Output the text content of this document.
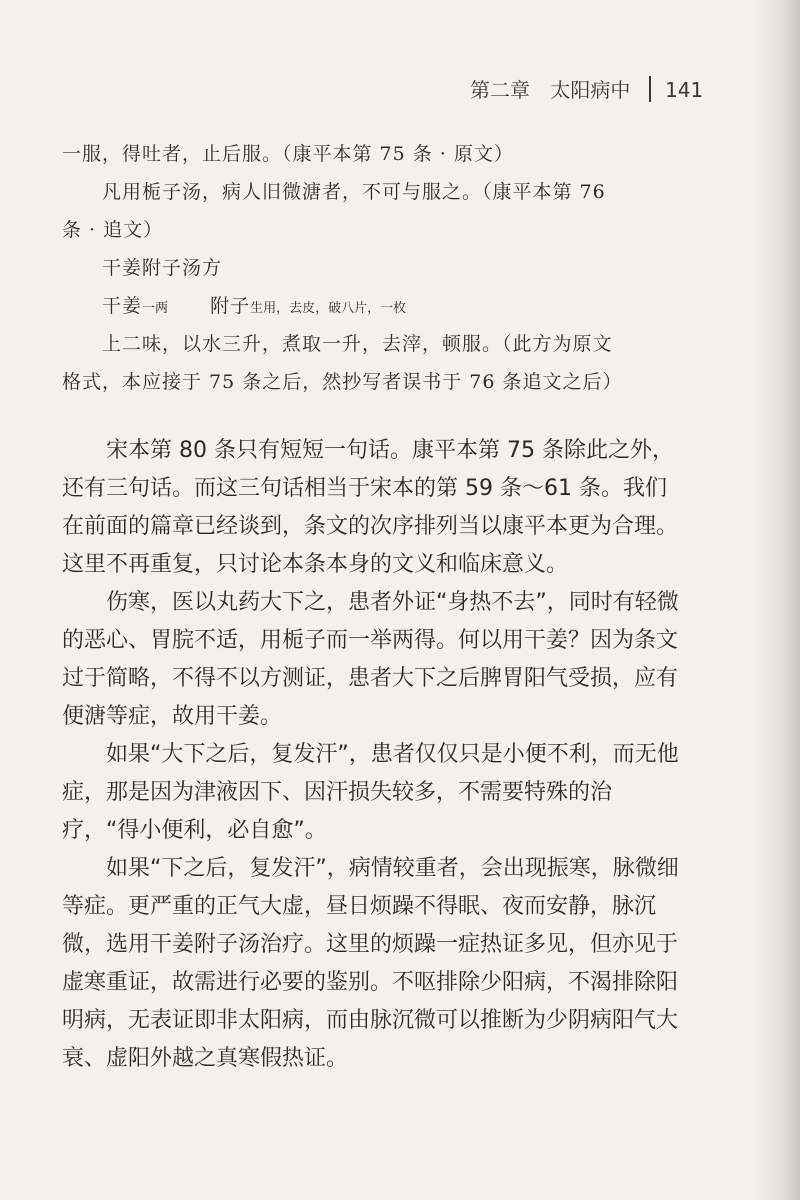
第二章 太阳病中 141
一服，得吐者，止后服。（康平本第 75 条 · 原文）
凡用栀子汤，病人旧微溏者，不可与服之。（康平本第 76
条 · 追文）
干姜附子汤方
干姜一两 附子生用，去皮，破八片，一枚
上二味，以水三升，煮取一升，去滓，顿服。（此方为原文
格式，本应接于 75 条之后，然抄写者误书于 76 条追文之后）

宋本第 80 条只有短短一句话。康平本第 75 条除此之外，还有三句话。而这三句话相当于宋本的第 59 条～61 条。我们在前面的篇章已经谈到，条文的次序排列当以康平本更为合理。这里不再重复，只讨论本条本身的文义和临床意义。

伤寒，医以丸药大下之，患者外证“身热不去”，同时有轻微的恶心、胃脘不适，用栀子而一举两得。何以用干姜？因为条文过于简略，不得不以方测证，患者大下之后脾胃阳气受损，应有便溏等症，故用干姜。

如果“大下之后，复发汗”，患者仅仅只是小便不利，而无他症，那是因为津液因下、因汗损失较多，不需要特殊的治疗，“得小便利，必自愈”。

如果“下之后，复发汗”，病情较重者，会出现振寒，脉微细等症。更严重的正气大虚，昼日烦躁不得眠、夜而安静，脉沉微，选用干姜附子汤治疗。这里的烦躁一症热证多见，但亦见于虚寒重证，故需进行必要的鉴别。不呕排除少阳病，不渴排除阳明病，无表证即非太阳病，而由脉沉微可以推断为少阴病阳气大衰、虚阳外越之真寒假热证。
